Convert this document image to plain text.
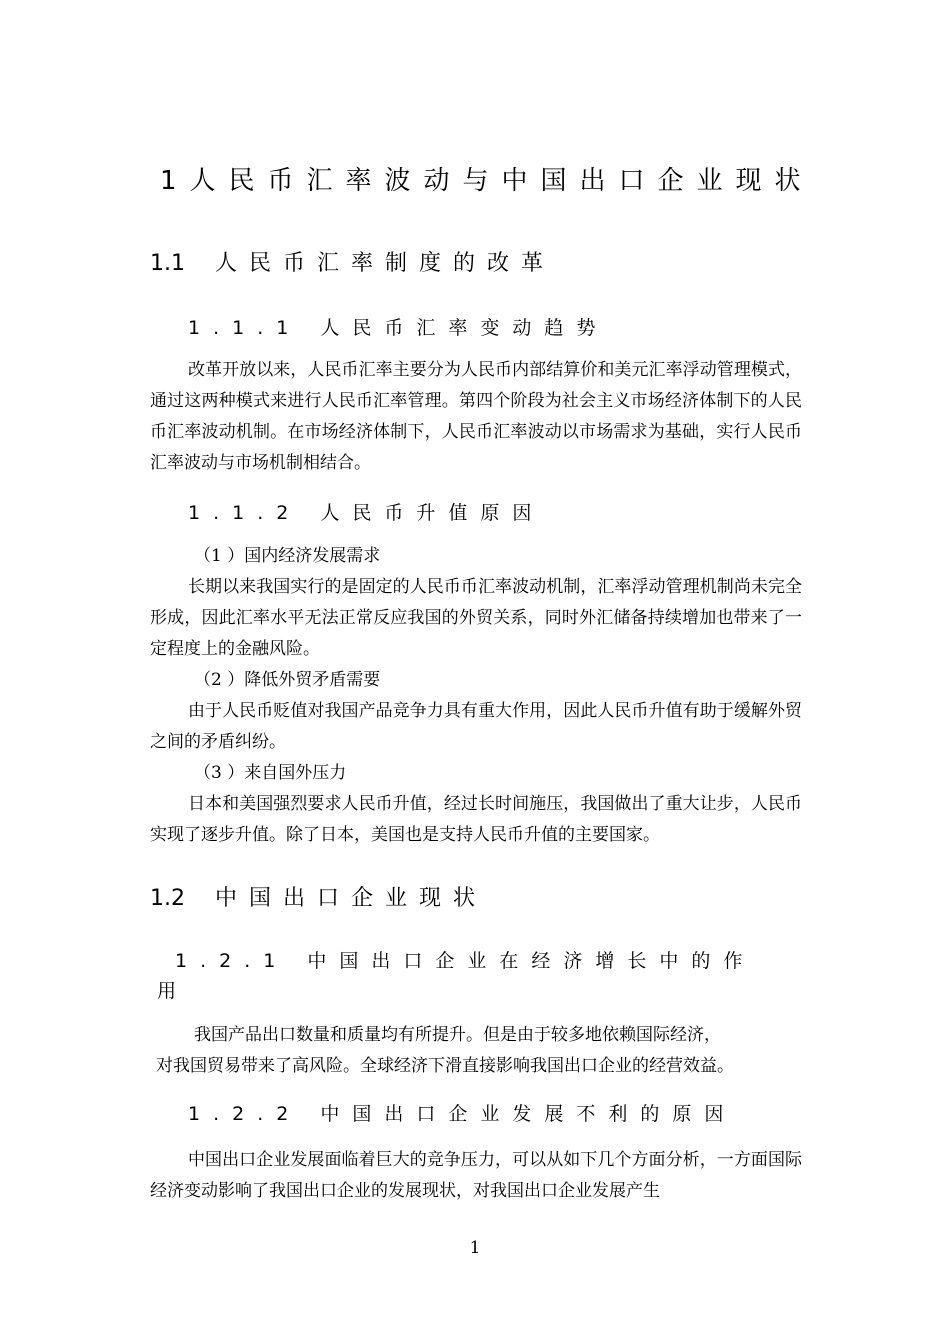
1人民币汇率波动与中国出口企业现状
1.1 人民币汇率制度的改革
1.1.1 人民币汇率变动趋势
改革开放以来，人民币汇率主要分为人民币内部结算价和美元汇率浮动管理模式，通过这两种模式来进行人民币汇率管理。第四个阶段为社会主义市场经济体制下的人民币汇率波动机制。在市场经济体制下，人民币汇率波动以市场需求为基础，实行人民币汇率波动与市场机制相结合。
1.1.2 人民币升值原因
（1 ）国内经济发展需求
长期以来我国实行的是固定的人民币币汇率波动机制，汇率浮动管理机制尚未完全形成，因此汇率水平无法正常反应我国的外贸关系，同时外汇储备持续增加也带来了一定程度上的金融风险。
（2 ）降低外贸矛盾需要
由于人民币贬值对我国产品竞争力具有重大作用，因此人民币升值有助于缓解外贸之间的矛盾纠纷。
（3 ）来自国外压力
日本和美国强烈要求人民币升值，经过长时间施压，我国做出了重大让步，人民币实现了逐步升值。除了日本，美国也是支持人民币升值的主要国家。
1.2 中国出口企业现状
1.2.1 中国出口企业在经济增长中的作
用
我国产品出口数量和质量均有所提升。但是由于较多地依赖国际经济，
对我国贸易带来了高风险。全球经济下滑直接影响我国出口企业的经营效益。
1.2.2 中国出口企业发展不利的原因
中国出口企业发展面临着巨大的竞争压力，可以从如下几个方面分析，一方面国际经济变动影响了我国出口企业的发展现状，对我国出口企业发展产生
1
